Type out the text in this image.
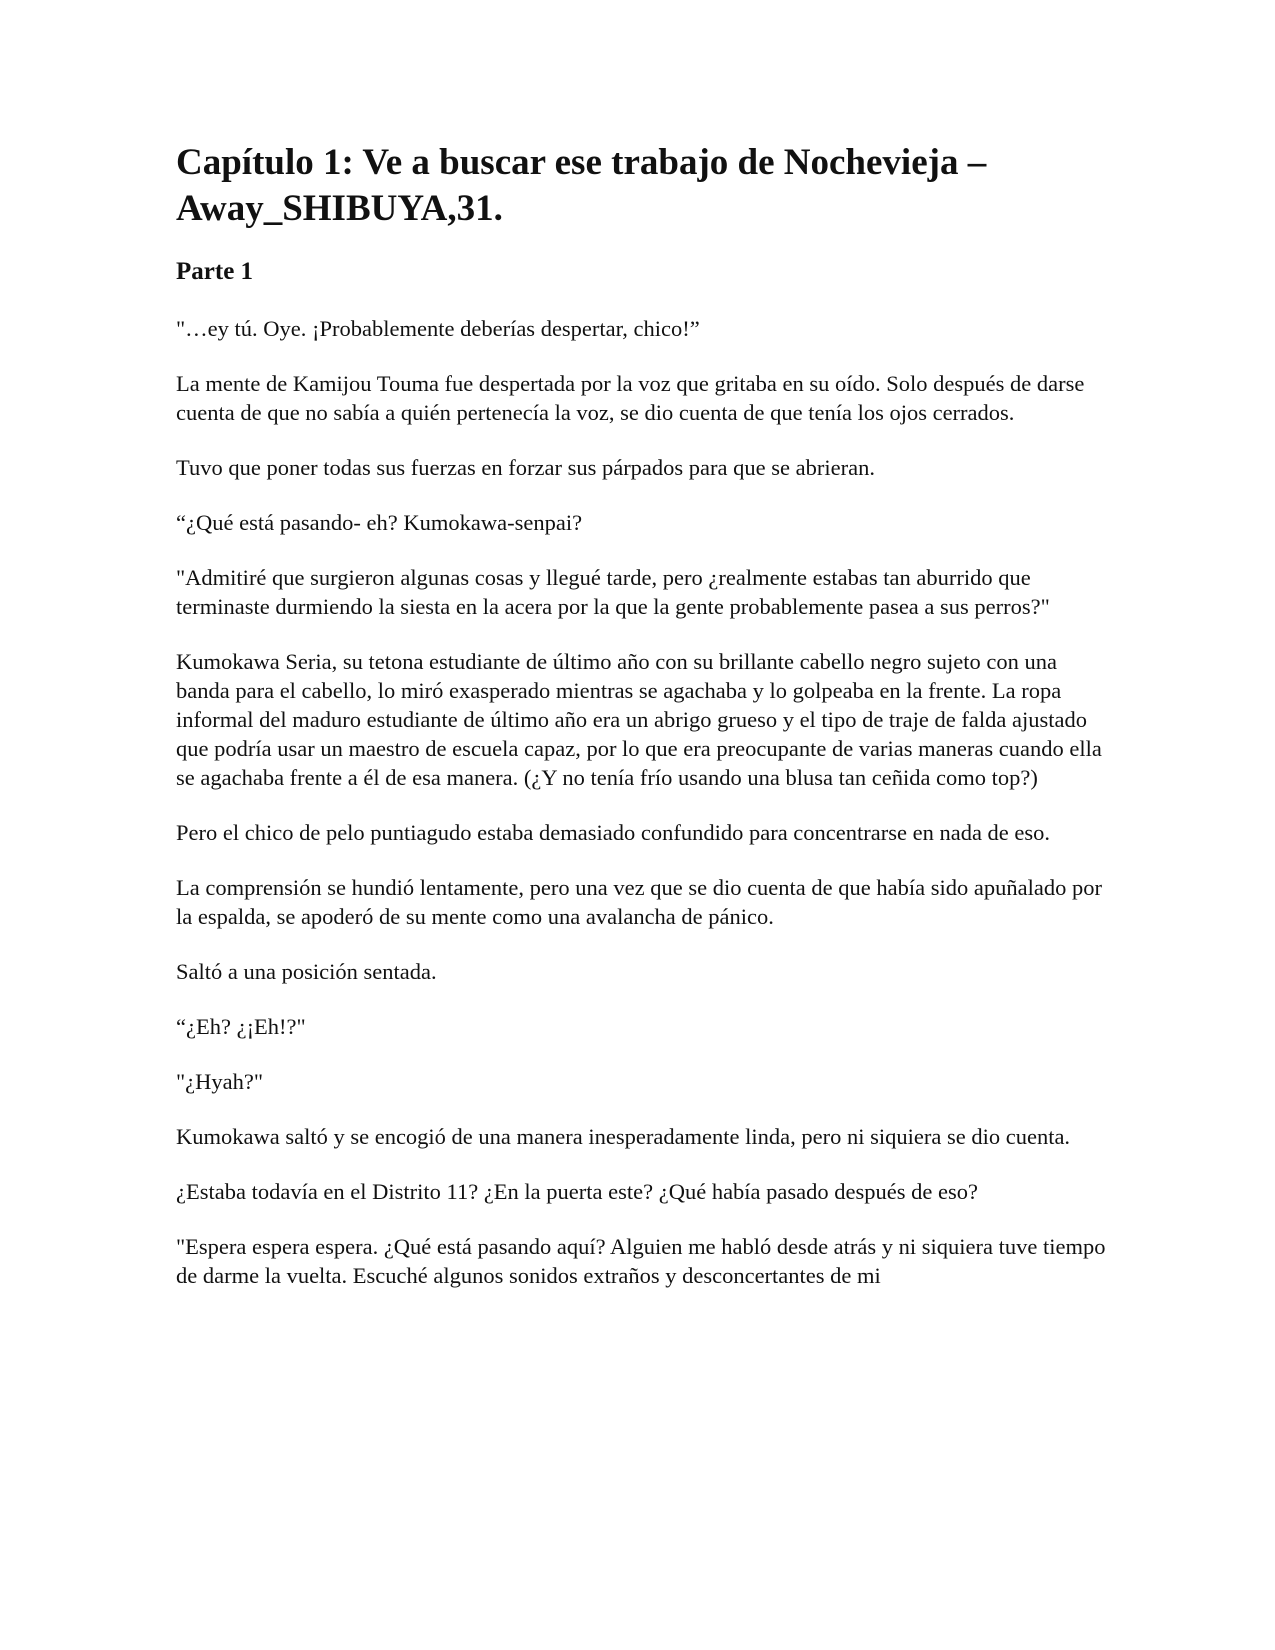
Capítulo 1: Ve a buscar ese trabajo de Nochevieja – Away_SHIBUYA,31.
Parte 1

"…ey tú. Oye. ¡Probablemente deberías despertar, chico!”

La mente de Kamijou Touma fue despertada por la voz que gritaba en su oído. Solo después de darse cuenta de que no sabía a quién pertenecía la voz, se dio cuenta de que tenía los ojos cerrados.

Tuvo que poner todas sus fuerzas en forzar sus párpados para que se abrieran.

“¿Qué está pasando- eh? Kumokawa-senpai?

"Admitiré que surgieron algunas cosas y llegué tarde, pero ¿realmente estabas tan aburrido que terminaste durmiendo la siesta en la acera por la que la gente probablemente pasea a sus perros?"

Kumokawa Seria, su tetona estudiante de último año con su brillante cabello negro sujeto con una banda para el cabello, lo miró exasperado mientras se agachaba y lo golpeaba en la frente. La ropa informal del maduro estudiante de último año era un abrigo grueso y el tipo de traje de falda ajustado que podría usar un maestro de escuela capaz, por lo que era preocupante de varias maneras cuando ella se agachaba frente a él de esa manera. (¿Y no tenía frío usando una blusa tan ceñida como top?)

Pero el chico de pelo puntiagudo estaba demasiado confundido para concentrarse en nada de eso.

La comprensión se hundió lentamente, pero una vez que se dio cuenta de que había sido apuñalado por la espalda, se apoderó de su mente como una avalancha de pánico.

Saltó a una posición sentada.

“¿Eh? ¿¡Eh!?"

"¿Hyah?"

Kumokawa saltó y se encogió de una manera inesperadamente linda, pero ni siquiera se dio cuenta.

¿Estaba todavía en el Distrito 11? ¿En la puerta este? ¿Qué había pasado después de eso?

"Espera espera espera. ¿Qué está pasando aquí? Alguien me habló desde atrás y ni siquiera tuve tiempo de darme la vuelta. Escuché algunos sonidos extraños y desconcertantes de mi
